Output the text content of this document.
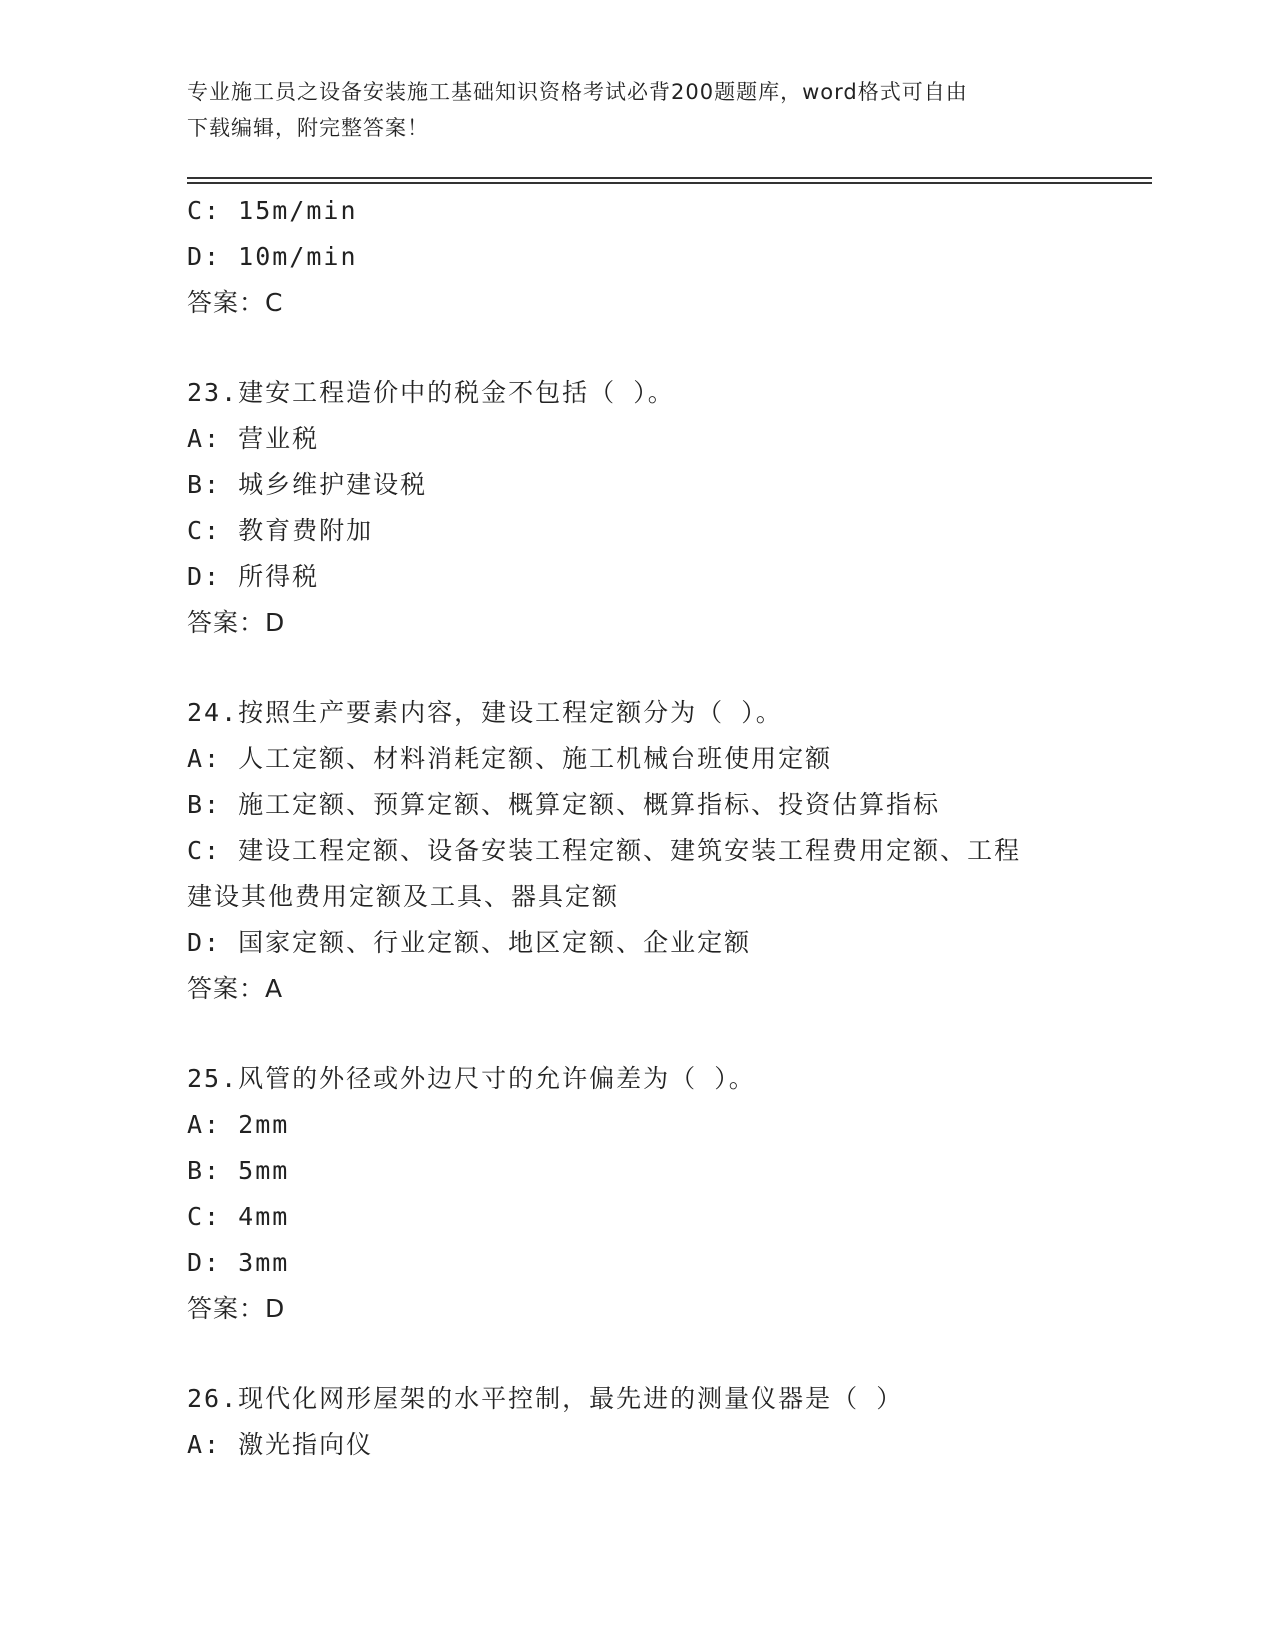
专业施工员之设备安装施工基础知识资格考试必背200题题库，word格式可自由
下载编辑，附完整答案！
C: 15m/min
D: 10m/min
答案：C
23.建安工程造价中的税金不包括（ ）。
A: 营业税
B: 城乡维护建设税
C: 教育费附加
D: 所得税
答案：D
24.按照生产要素内容，建设工程定额分为（ ）。
A: 人工定额、材料消耗定额、施工机械台班使用定额
B: 施工定额、预算定额、概算定额、概算指标、投资估算指标
C: 建设工程定额、设备安装工程定额、建筑安装工程费用定额、工程
建设其他费用定额及工具、器具定额
D: 国家定额、行业定额、地区定额、企业定额
答案：A
25.风管的外径或外边尺寸的允许偏差为（ ）。
A: 2mm
B: 5mm
C: 4mm
D: 3mm
答案：D
26.现代化网形屋架的水平控制，最先进的测量仪器是（ ）
A: 激光指向仪
